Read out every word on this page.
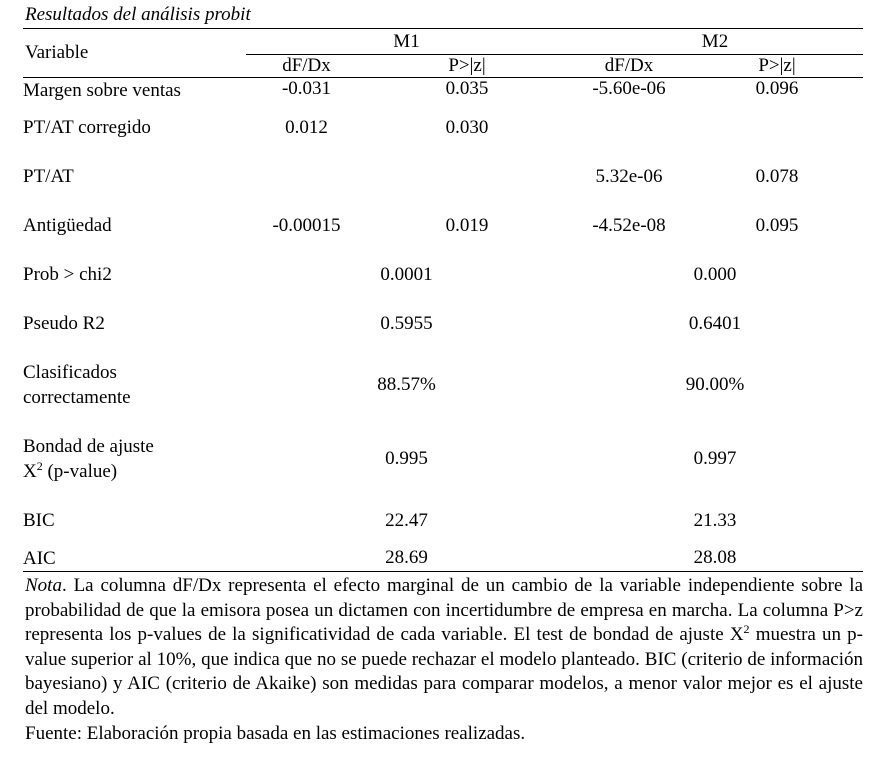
Resultados del análisis probit
Variable	M1		M2	
	dF/Dx	P>|z|	dF/Dx	P>|z|
Margen sobre ventas	-0.031	0.035	-5.60e-06	0.096
PT/AT corregido	0.012	0.030		
PT/AT			5.32e-06	0.078
Antigüedad	-0.00015	0.019	-4.52e-08	0.095
Prob > chi2	0.0001		0.000	
Pseudo R2	0.5955		0.6401	
Clasificados
correctamente	88.57%		90.00%	
Bondad de ajuste
$X^2$ (p-value)	0.995		0.997	
BIC	22.47		21.33	
AIC	28.69		28.08	
Nota. La columna dF/Dx representa el efecto marginal de un cambio de la variable independiente sobre la probabilidad de que la emisora posea un dictamen con incertidumbre de empresa en marcha. La columna P>z representa los p-values de la significatividad de cada variable. El test de bondad de ajuste $X^2$ muestra un p-value superior al 10%, que indica que no se puede rechazar el modelo planteado. BIC (criterio de información bayesiano) y AIC (criterio de Akaike) son medidas para comparar modelos, a menor valor mejor es el ajuste del modelo.
Fuente: Elaboración propia basada en las estimaciones realizadas.
